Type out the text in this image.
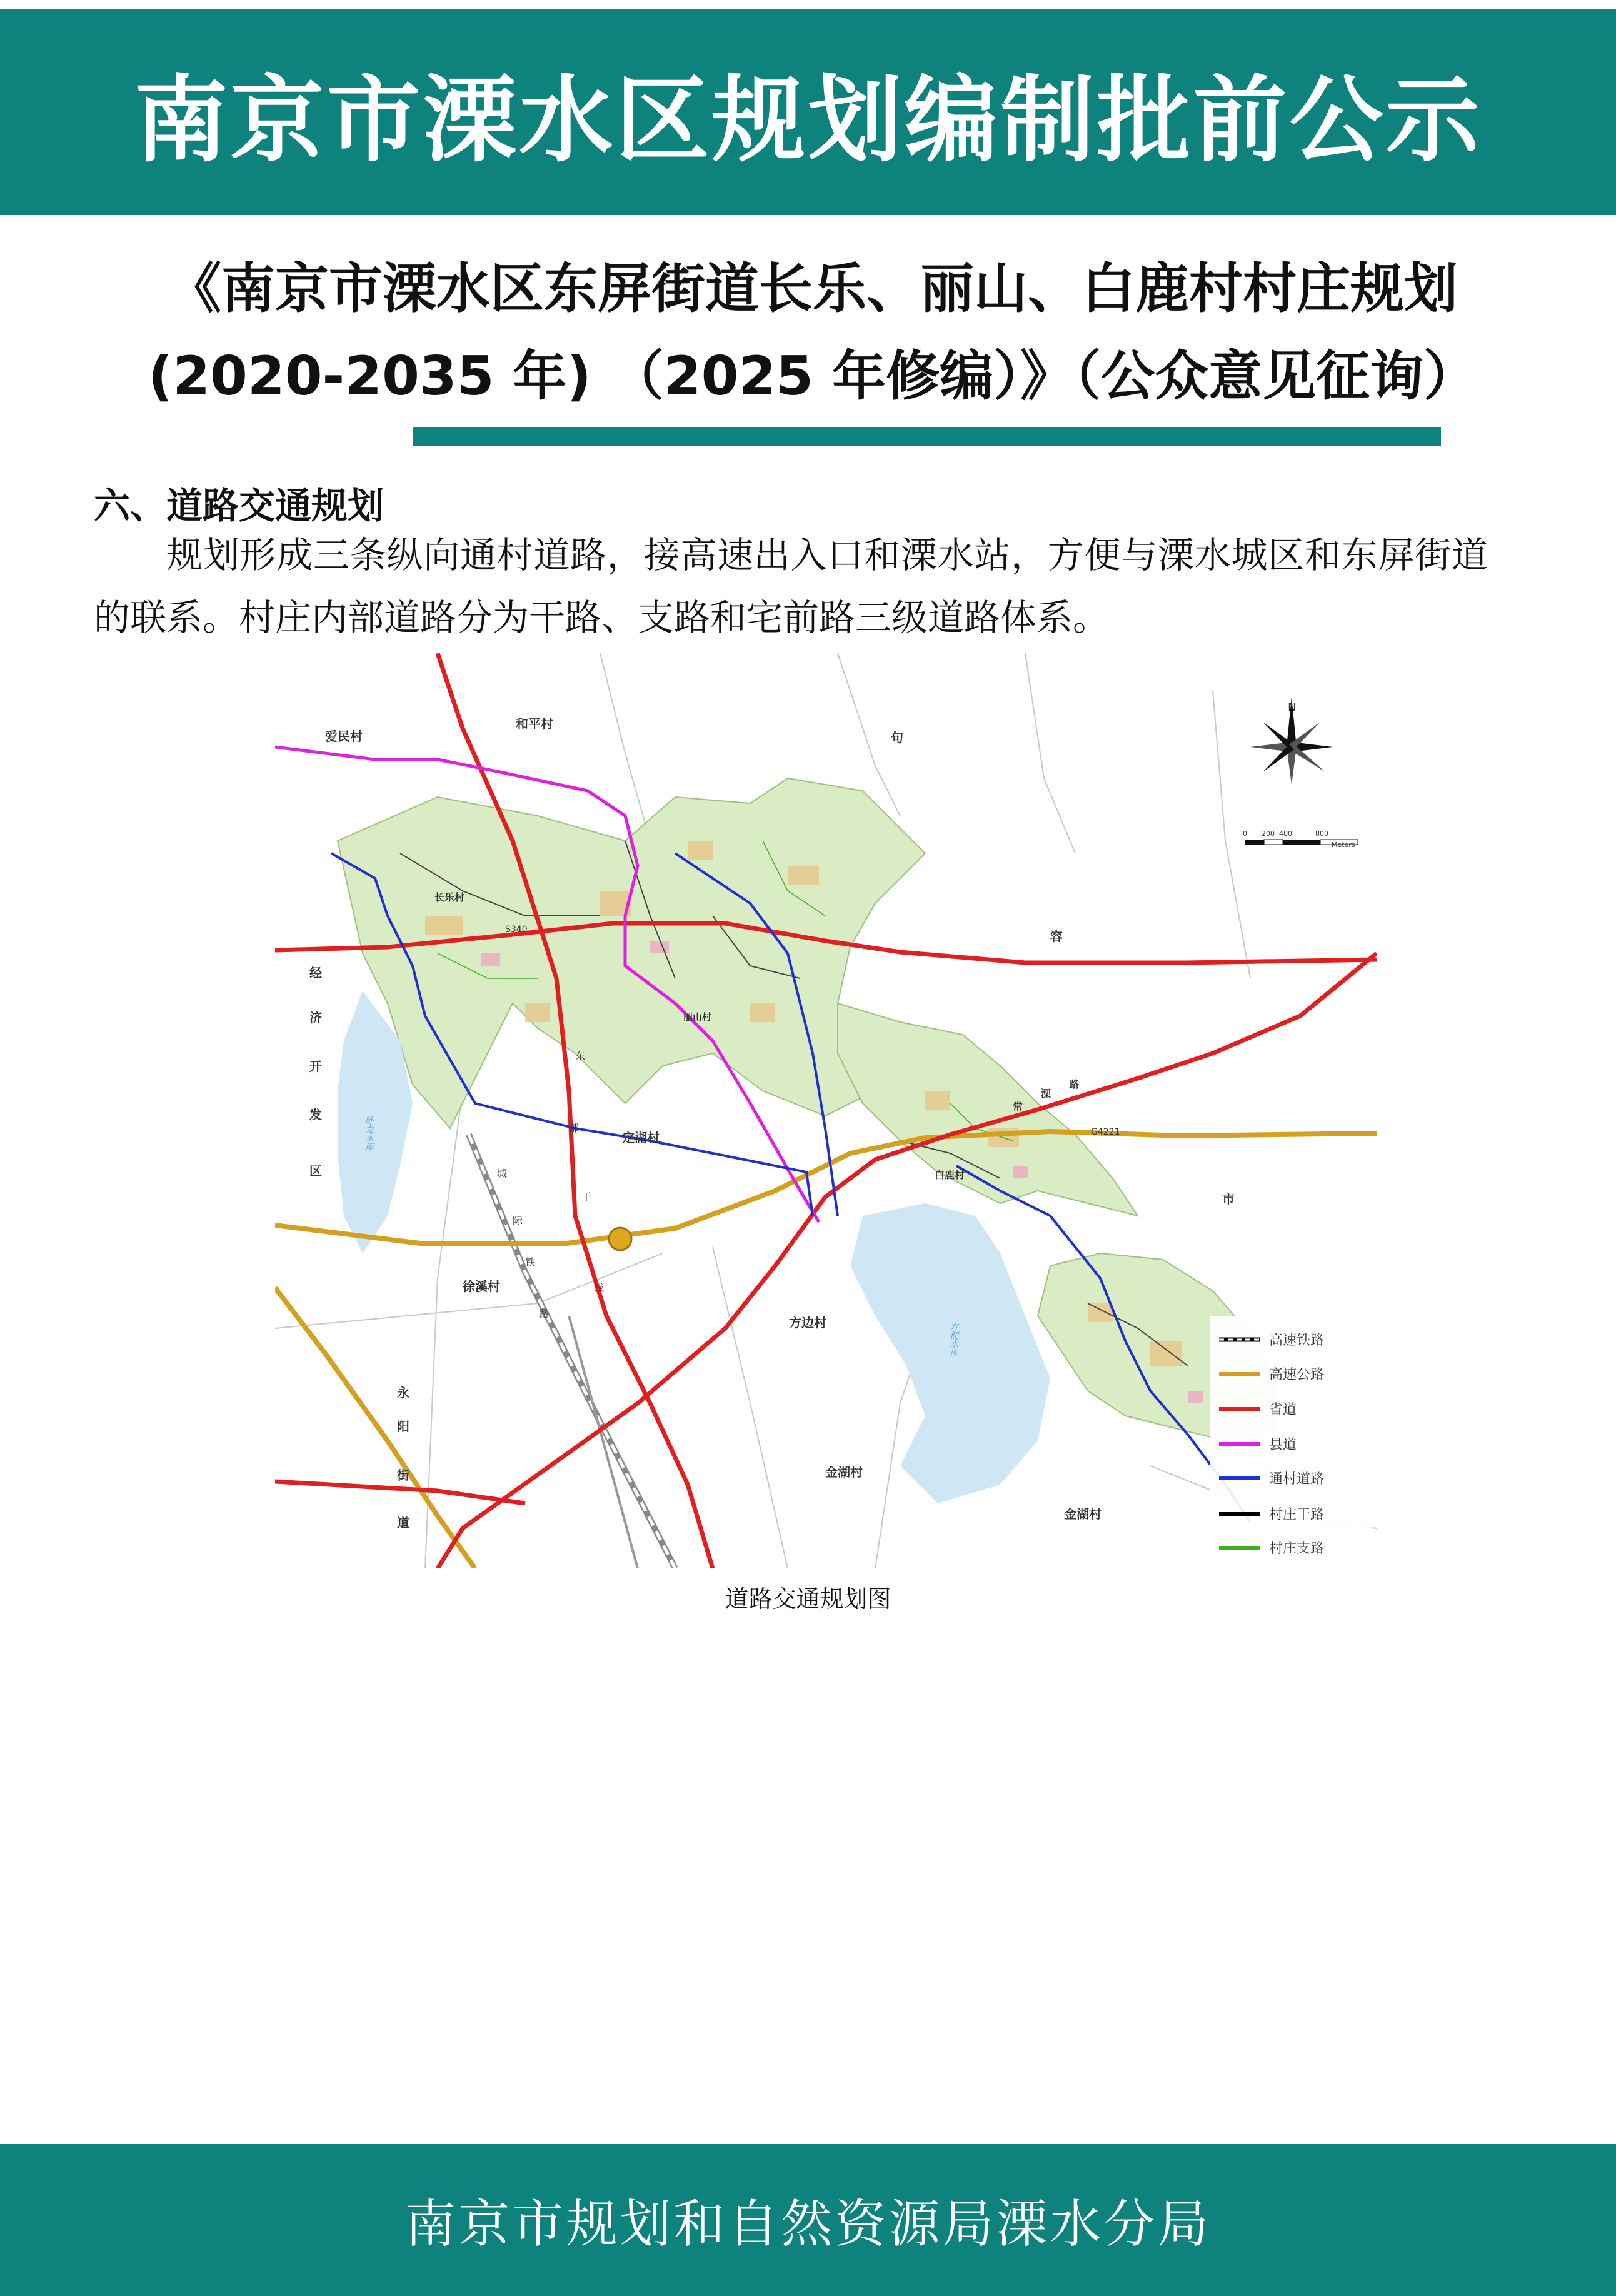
南京市溧水区规划编制批前公示
《南京市溧水区东屏街道长乐、丽山、白鹿村村庄规划
(2020-2035 年) （2025 年修编）》（公众意见征询）
六、道路交通规划
规划形成三条纵向通村道路，接高速出入口和溧水站，方便与溧水城区和东屏街道的联系。村庄内部道路分为干路、支路和宅前路三级道路体系。
N
0 200 400	800
Meters
爱民村
和平村
句
长乐村
容
丽山村
定湖村
白鹿村
市
徐溪村
方边村
金湖村
金湖村
经
济
开
发
区
永
阳
街
道
S340
G4221
东
部
城
际
干
铁
线
路
常
溧
路
卧龙水库
方便水库	高速铁路
高速公路
省道
县道
通村道路
村庄干路
村庄支路
道路交通规划图
南京市规划和自然资源局溧水分局
